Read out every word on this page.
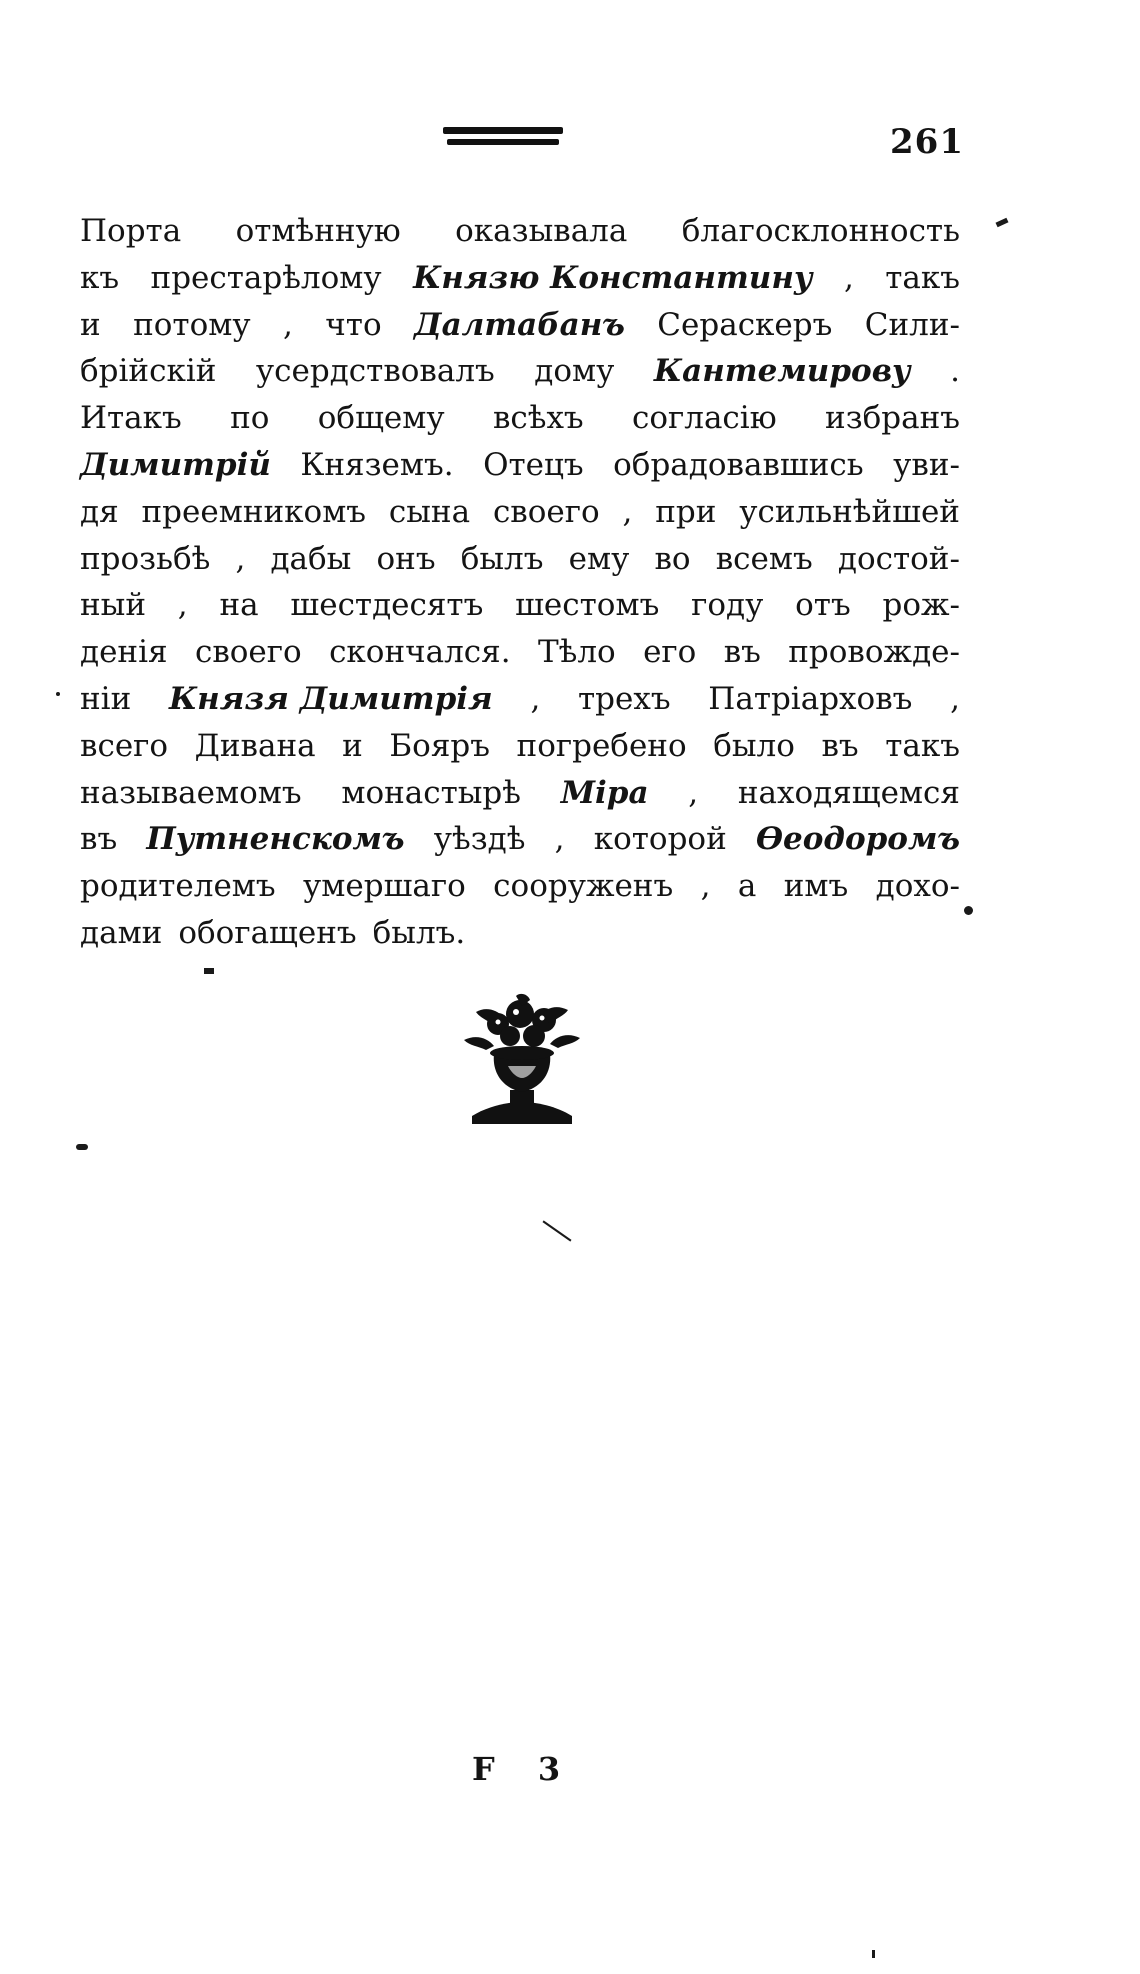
261
Порта отмѣнную оказывала благосклонность
къ престарѣлому Князю Константину , такъ
и потому , что Далтабанъ Сераскеръ Сили-
брійскій усердствовалъ дому Кантемирову .
Итакъ по общему всѣхъ согласію избранъ
Димитрій Княземъ. Отецъ обрадовавшись уви-
дя преемникомъ сына своего , при усильнѣйшей
прозьбѣ , дабы онъ былъ ему во всемъ достой-
ный , на шестдесятъ шестомъ году отъ рож-
денія своего скончался. Тѣло его въ провожде-
ніи Князя Димитрія , трехъ Патріарховъ ,
всего Дивана и Бояръ погребено было въ такъ
называемомъ монастырѣ Міра , находящемся
въ Путненскомъ уѣздѣ , которой Ѳеодоромъ
родителемъ умершаго сооруженъ , а имъ дохо-
дами обогащенъ былъ.
F 3
